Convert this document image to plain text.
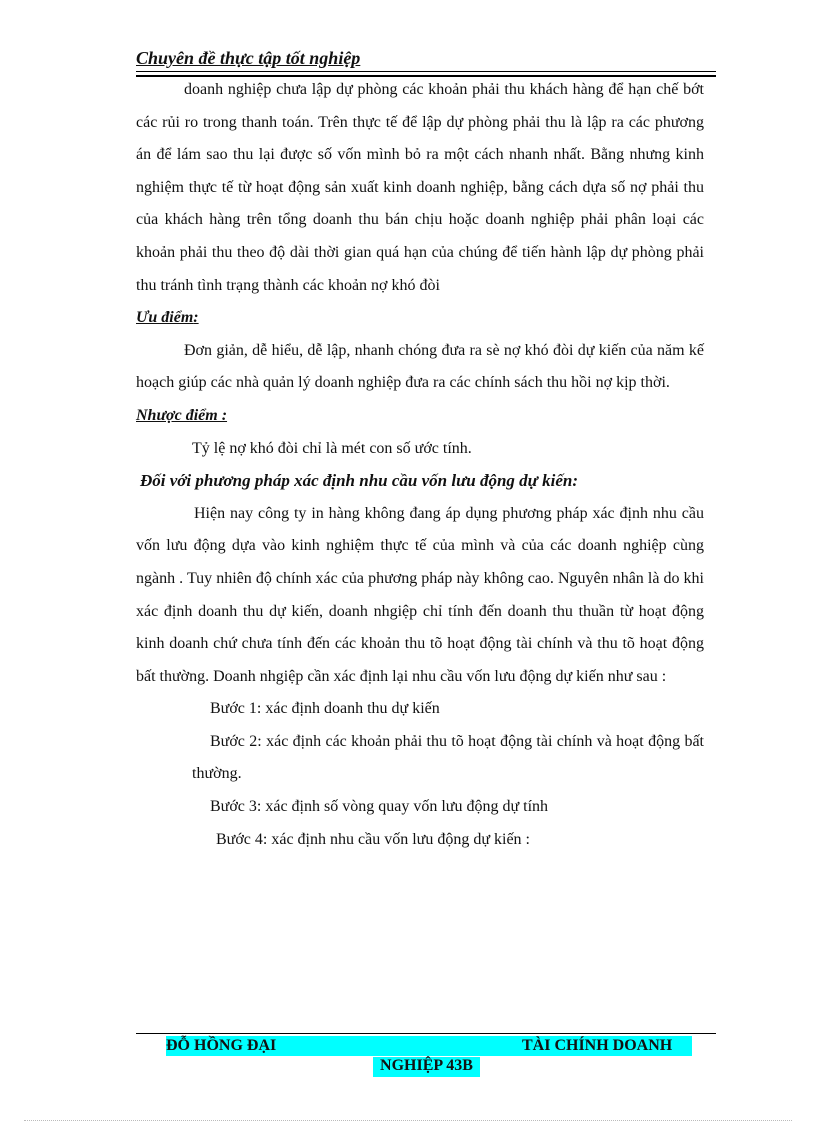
Chuyên đề thực tập tốt nghiệp

doanh nghiệp chưa lập dự phòng các khoản phải thu khách hàng để hạn chế bớt các rủi ro trong thanh toán. Trên thực tế để lập dự phòng phải thu là lập ra các phương án để lám sao thu lại được số vốn mình bỏ ra một cách nhanh nhất. Bằng nhưng kinh nghiệm thực tế từ hoạt động sản xuất kinh doanh nghiệp, bằng cách dựa số nợ phải thu của khách hàng trên tổng doanh thu bán chịu hoặc doanh nghiệp phải phân loại các khoản phải thu theo độ dài thời gian quá hạn của chúng để tiến hành lập dự phòng phải thu tránh tình trạng thành các khoản nợ khó đòi

Ưu điểm:

Đơn giản, dễ hiểu, dễ lập, nhanh chóng đưa ra sè nợ khó đòi dự kiến của năm kế hoạch giúp các nhà quản lý doanh nghiệp đưa ra các chính sách thu hồi nợ kịp thời.

Nhược điểm :

Tỷ lệ nợ khó đòi chỉ là mét con số ước tính.

Đối với phương pháp xác định nhu cầu vốn lưu động dự kiến:

Hiện nay công ty in hàng không đang áp dụng phương pháp xác định nhu cầu vốn lưu động dựa vào kinh nghiệm thực tế của mình và của các doanh nghiệp cùng ngành . Tuy nhiên độ chính xác của phương pháp này không cao. Nguyên nhân là do khi xác định doanh thu dự kiến, doanh nhgiệp chỉ tính đến doanh thu thuần từ hoạt động kinh doanh chứ chưa tính đến các khoản thu tõ hoạt động tài chính và thu tõ hoạt động bất thường. Doanh nhgiệp cần xác định lại nhu cầu vốn lưu động dự kiến như sau :

Bước 1: xác định doanh thu dự kiến

Bước 2: xác định các khoản phải thu tõ hoạt động tài chính và hoạt động bất thường.

Bước 3: xác định số vòng quay vốn lưu động dự tính

Bước 4: xác định nhu cầu vốn lưu động dự kiến :

ĐỖ HỒNG ĐẠI	TÀI CHÍNH DOANH
NGHIỆP 43B
